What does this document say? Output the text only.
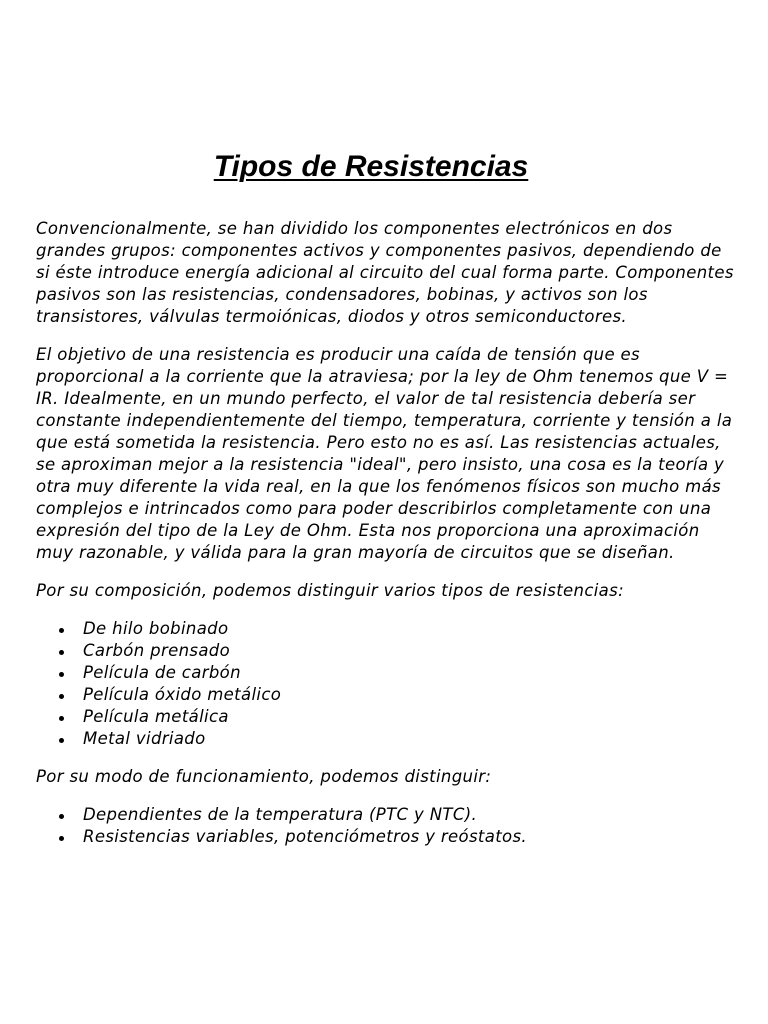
Tipos de Resistencias

Convencionalmente, se han dividido los componentes electrónicos en dos grandes grupos: componentes activos y componentes pasivos, dependiendo de si éste introduce energía adicional al circuito del cual forma parte. Componentes pasivos son las resistencias, condensadores, bobinas, y activos son los transistores, válvulas termoiónicas, diodos y otros semiconductores.

El objetivo de una resistencia es producir una caída de tensión que es proporcional a la corriente que la atraviesa; por la ley de Ohm tenemos que V = IR. Idealmente, en un mundo perfecto, el valor de tal resistencia debería ser constante independientemente del tiempo, temperatura, corriente y tensión a la que está sometida la resistencia. Pero esto no es así. Las resistencias actuales, se aproximan mejor a la resistencia "ideal", pero insisto, una cosa es la teoría y otra muy diferente la vida real, en la que los fenómenos físicos son mucho más complejos e intrincados como para poder describirlos completamente con una expresión del tipo de la Ley de Ohm. Esta nos proporciona una aproximación muy razonable, y válida para la gran mayoría de circuitos que se diseñan.

Por su composición, podemos distinguir varios tipos de resistencias:

De hilo bobinado
Carbón prensado
Película de carbón
Película óxido metálico
Película metálica
Metal vidriado

Por su modo de funcionamiento, podemos distinguir:

Dependientes de la temperatura (PTC y NTC).
Resistencias variables, potenciómetros y reóstatos.
